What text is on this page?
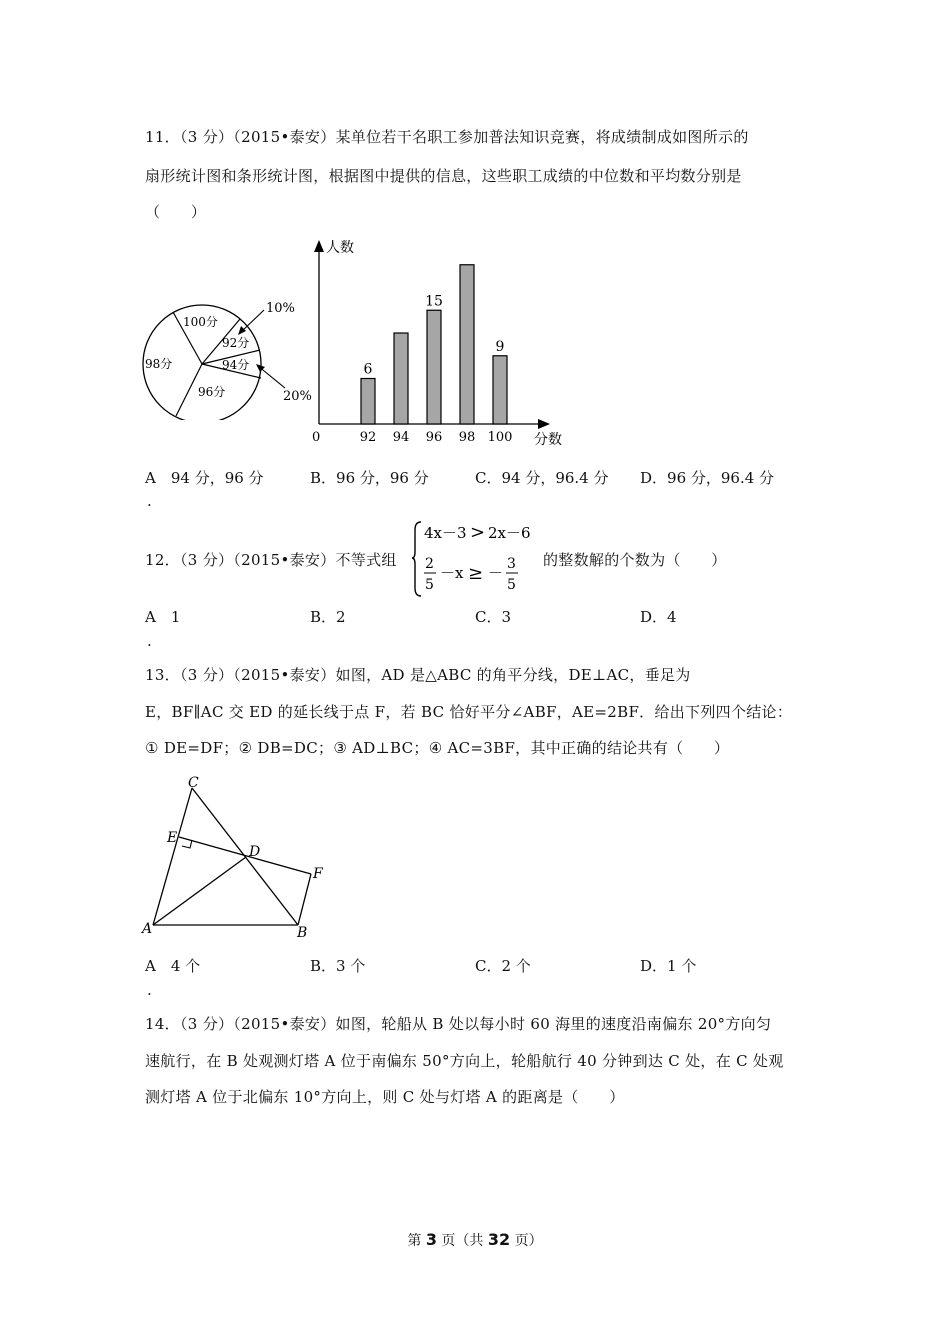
11．（3 分）（2015•泰安）某单位若干名职工参加普法知识竞赛，将成绩制成如图所示的
扇形统计图和条形统计图，根据图中提供的信息，这些职工成绩的中位数和平均数分别是
（　　）
100分
92分
94分
96分
98分
10%
20%
人数
分数
0	92
6
94 96
15
98 100
9
A　94 分，96 分	B．96 分，96 分	C．94 分，96.4 分 D．96 分，96.4 分
.
12．（3 分）（2015•泰安）不等式组
4x－3 > 2x－6
2
5
－x ≥ － 3
5
的整数解的个数为（　　）
A　1	B．2	C．3	D．4
.
13．（3 分）（2015•泰安）如图，AD 是△ABC 的角平分线，DE⊥AC，垂足为
E，BF∥AC 交 ED 的延长线于点 F，若 BC 恰好平分∠ABF，AE=2BF．给出下列四个结论：
① DE=DF；② DB=DC；③ AD⊥BC；④ AC=3BF，其中正确的结论共有（　　）
C
E
D
F
A	B
A　4 个	B．3 个	C．2 个	D．1 个
.
14．（3 分）（2015•泰安）如图，轮船从 B 处以每小时 60 海里的速度沿南偏东 20°方向匀
速航行，在 B 处观测灯塔 A 位于南偏东 50°方向上，轮船航行 40 分钟到达 C 处，在 C 处观
测灯塔 A 位于北偏东 10°方向上，则 C 处与灯塔 A 的距离是（　　）
第 3 页（共 32 页）
